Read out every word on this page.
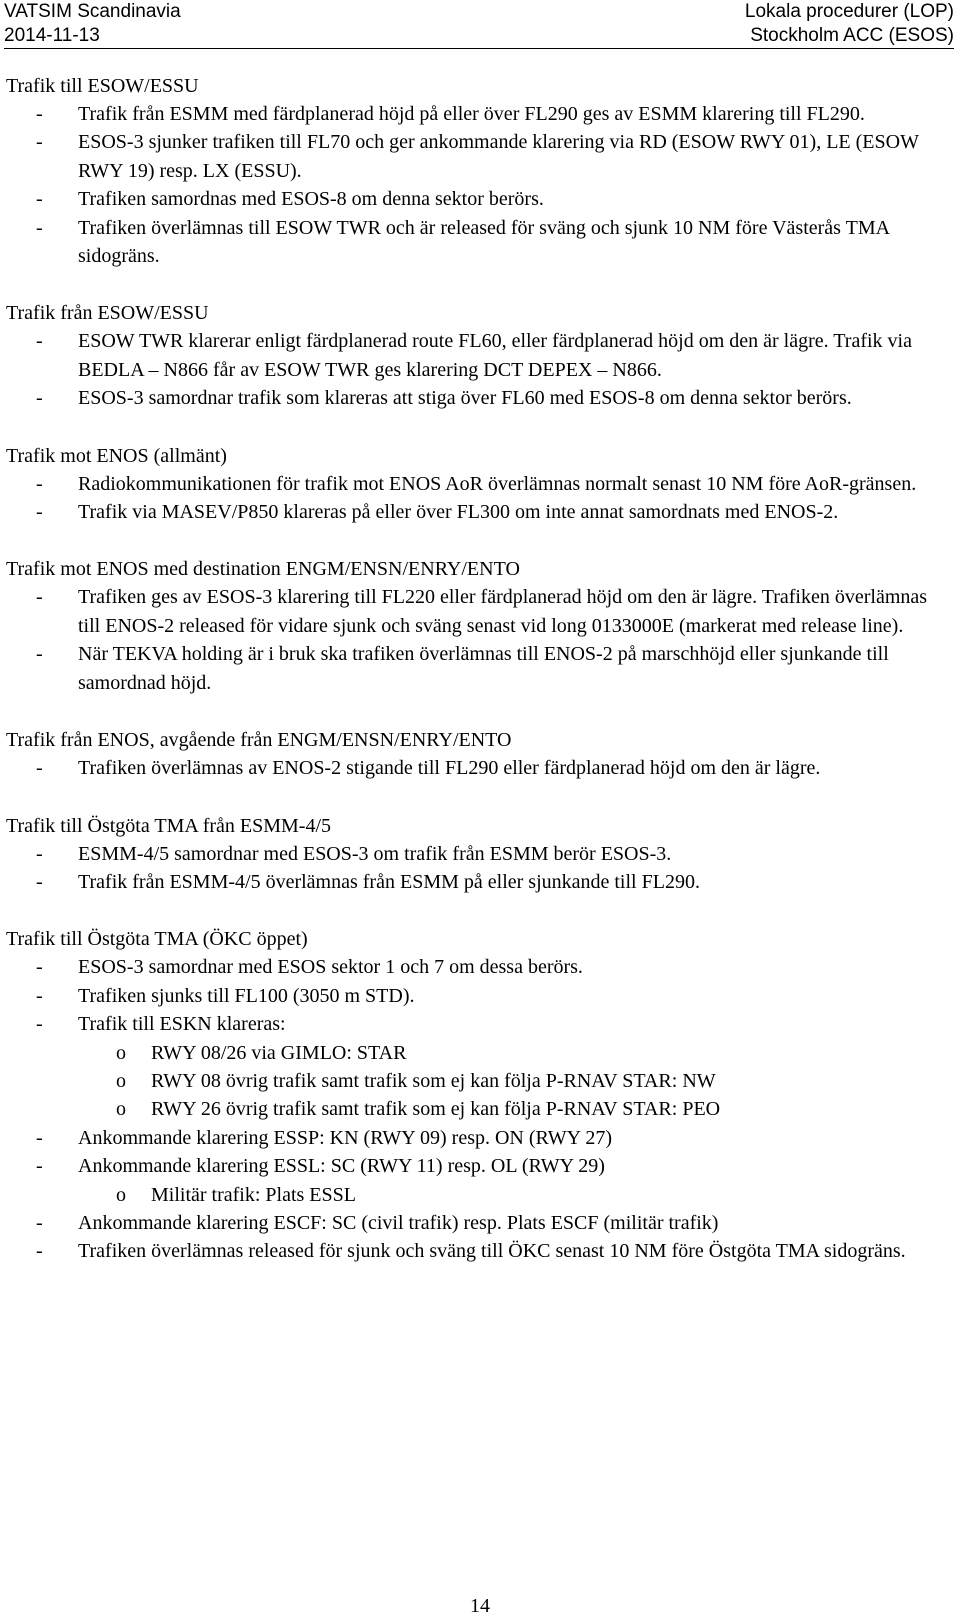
VATSIM Scandinavia
2014-11-13
Lokala procedurer (LOP)
Stockholm ACC (ESOS)
Trafik till ESOW/ESSU
- Trafik från ESMM med färdplanerad höjd på eller över FL290 ges av ESMM klarering till FL290.
- ESOS-3 sjunker trafiken till FL70 och ger ankommande klarering via RD (ESOW RWY 01), LE (ESOW RWY 19) resp. LX (ESSU).
- Trafiken samordnas med ESOS-8 om denna sektor berörs.
- Trafiken överlämnas till ESOW TWR och är released för sväng och sjunk 10 NM före Västerås TMA sidogräns.
Trafik från ESOW/ESSU
- ESOW TWR klarerar enligt färdplanerad route FL60, eller färdplanerad höjd om den är lägre. Trafik via BEDLA – N866 får av ESOW TWR ges klarering DCT DEPEX – N866.
- ESOS-3 samordnar trafik som klareras att stiga över FL60 med ESOS-8 om denna sektor berörs.
Trafik mot ENOS (allmänt)
- Radiokommunikationen för trafik mot ENOS AoR överlämnas normalt senast 10 NM före AoR-gränsen.
- Trafik via MASEV/P850 klareras på eller över FL300 om inte annat samordnats med ENOS-2.
Trafik mot ENOS med destination ENGM/ENSN/ENRY/ENTO
- Trafiken ges av ESOS-3 klarering till FL220 eller färdplanerad höjd om den är lägre. Trafiken överlämnas till ENOS-2 released för vidare sjunk och sväng senast vid long 0133000E (markerat med release line).
- När TEKVA holding är i bruk ska trafiken överlämnas till ENOS-2 på marschhöjd eller sjunkande till samordnad höjd.
Trafik från ENOS, avgående från ENGM/ENSN/ENRY/ENTO
- Trafiken överlämnas av ENOS-2 stigande till FL290 eller färdplanerad höjd om den är lägre.
Trafik till Östgöta TMA från ESMM-4/5
- ESMM-4/5 samordnar med ESOS-3 om trafik från ESMM berör ESOS-3.
- Trafik från ESMM-4/5 överlämnas från ESMM på eller sjunkande till FL290.
Trafik till Östgöta TMA (ÖKC öppet)
- ESOS-3 samordnar med ESOS sektor 1 och 7 om dessa berörs.
- Trafiken sjunks till FL100 (3050 m STD).
- Trafik till ESKN klareras:
o RWY 08/26 via GIMLO: STAR
o RWY 08 övrig trafik samt trafik som ej kan följa P-RNAV STAR: NW
o RWY 26 övrig trafik samt trafik som ej kan följa P-RNAV STAR: PEO
- Ankommande klarering ESSP: KN (RWY 09) resp. ON (RWY 27)
- Ankommande klarering ESSL: SC (RWY 11) resp. OL (RWY 29)
o Militär trafik: Plats ESSL
- Ankommande klarering ESCF: SC (civil trafik) resp. Plats ESCF (militär trafik)
- Trafiken överlämnas released för sjunk och sväng till ÖKC senast 10 NM före Östgöta TMA sidogräns.
14
